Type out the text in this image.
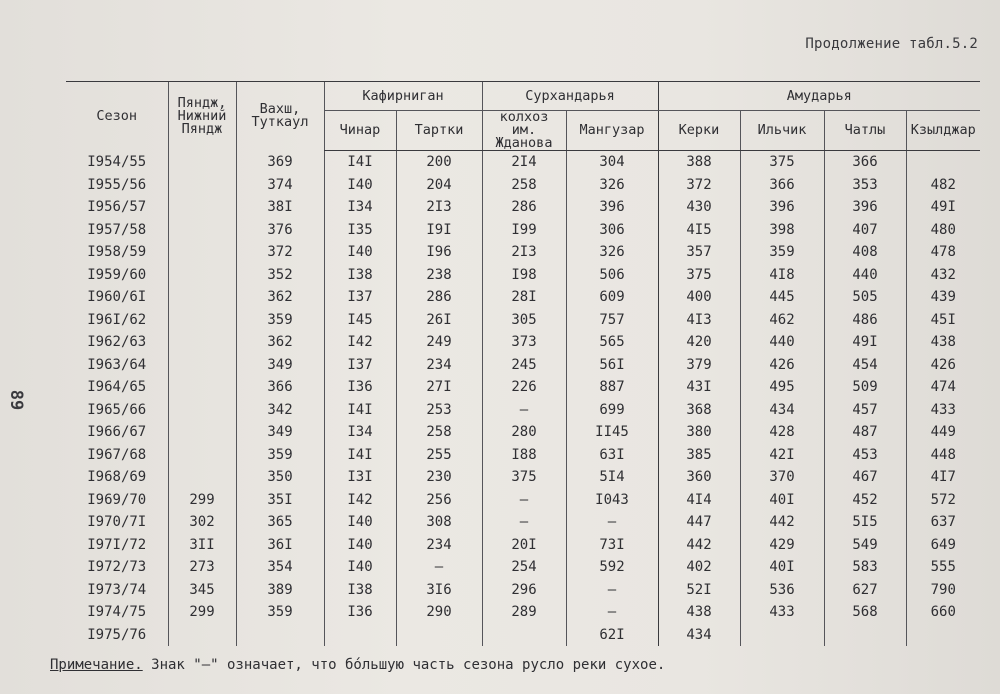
Продолжение табл.5.2
89
Сезон	Пяндж, Нижний Пяндж	Вахш, Туткаул	Кафирниган		Сурхандарья		Амударья			
			Чинар	Тартки	колхоз им. Жданова	Мангузар	Керки	Ильчик	Чатлы	Кзылджар
I954/55		369	I4I	200	2I4	304	388	375	366	
I955/56		374	I40	204	258	326	372	366	353	482
I956/57		38I	I34	2I3	286	396	430	396	396	49I
I957/58		376	I35	I9I	I99	306	4I5	398	407	480
I958/59		372	I40	I96	2I3	326	357	359	408	478
I959/60		352	I38	238	I98	506	375	4I8	440	432
I960/6I		362	I37	286	28I	609	400	445	505	439
I96I/62		359	I45	26I	305	757	4I3	462	486	45I
I962/63		362	I42	249	373	565	420	440	49I	438
I963/64		349	I37	234	245	56I	379	426	454	426
I964/65		366	I36	27I	226	887	43I	495	509	474
I965/66		342	I4I	253	—	699	368	434	457	433
I966/67		349	I34	258	280	II45	380	428	487	449
I967/68		359	I4I	255	I88	63I	385	42I	453	448
I968/69		350	I3I	230	375	5I4	360	370	467	4I7
I969/70	299	35I	I42	256	—	I043	4I4	40I	452	572
I970/7I	302	365	I40	308	—	—	447	442	5I5	637
I97I/72	3II	36I	I40	234	20I	73I	442	429	549	649
I972/73	273	354	I40	—	254	592	402	40I	583	555
I973/74	345	389	I38	3I6	296	—	52I	536	627	790
I974/75	299	359	I36	290	289	—	438	433	568	660
I975/76						62I	434			
Примечание. Знак "–" означает, что бо́льшую часть сезона русло реки сухое.
